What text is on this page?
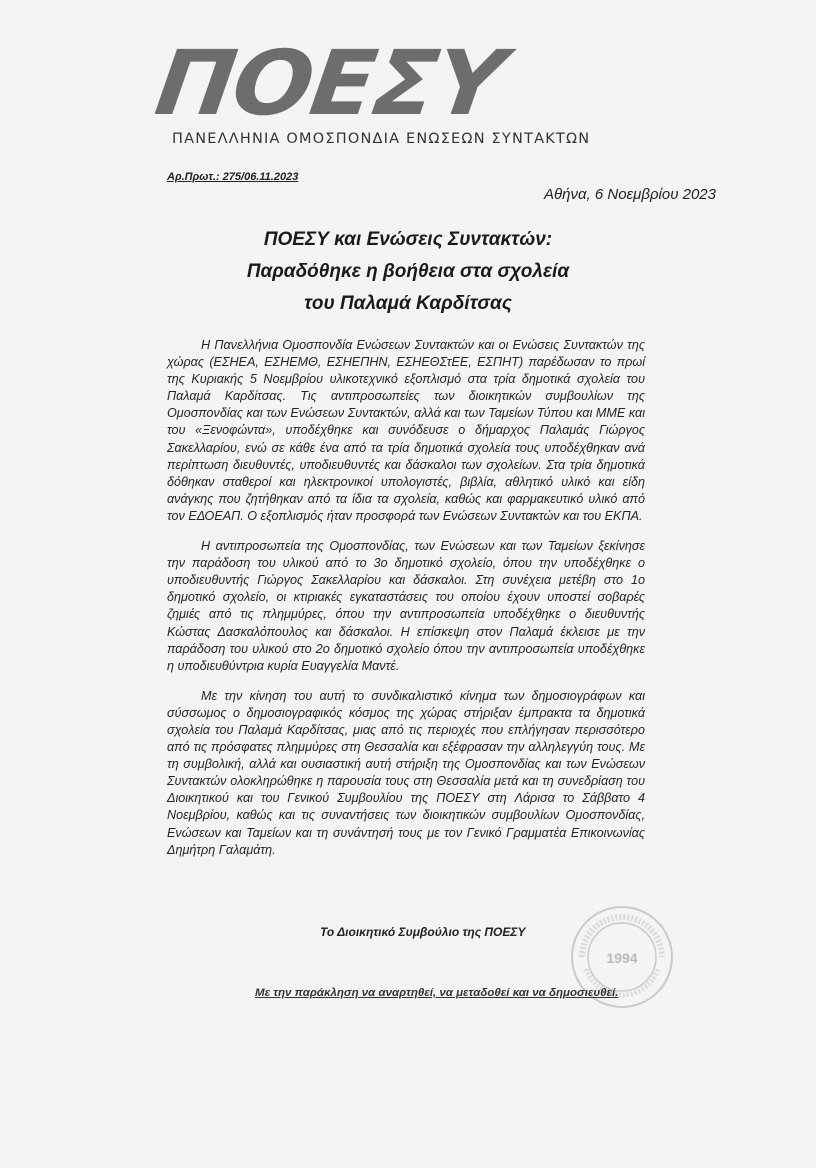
ΠΟΕΣΥ
ΠΑΝΕΛΛΗΝΙΑ ΟΜΟΣΠΟΝΔΙΑ ΕΝΩΣΕΩΝ ΣΥΝΤΑΚΤΩΝ
Αρ.Πρωτ.: 275/06.11.2023
Αθήνα, 6 Νοεμβρίου 2023
ΠΟΕΣΥ και Ενώσεις Συντακτών:
Παραδόθηκε η βοήθεια στα σχολεία
του Παλαμά Καρδίτσας

Η Πανελλήνια Ομοσπονδία Ενώσεων Συντακτών και οι Ενώσεις Συντακτών της χώρας (ΕΣΗΕΑ, ΕΣΗΕΜΘ, ΕΣΗΕΠΗΝ, ΕΣΗΕΘΣτΕΕ, ΕΣΠΗΤ) παρέδωσαν το πρωί της Κυριακής 5 Νοεμβρίου υλικοτεχνικό εξοπλισμό στα τρία δημοτικά σχολεία του Παλαμά Καρδίτσας. Τις αντιπροσωπείες των διοικητικών συμβουλίων της Ομοσπονδίας και των Ενώσεων Συντακτών, αλλά και των Ταμείων Τύπου και ΜΜΕ και του «Ξενοφώντα», υποδέχθηκε και συνόδευσε ο δήμαρχος Παλαμάς Γιώργος Σακελλαρίου, ενώ σε κάθε ένα από τα τρία δημοτικά σχολεία τους υποδέχθηκαν ανά περίπτωση διευθυντές, υποδιευθυντές και δάσκαλοι των σχολείων. Στα τρία δημοτικά δόθηκαν σταθεροί και ηλεκτρονικοί υπολογιστές, βιβλία, αθλητικό υλικό και είδη ανάγκης που ζητήθηκαν από τα ίδια τα σχολεία, καθώς και φαρμακευτικό υλικό από τον ΕΔΟΕΑΠ. Ο εξοπλισμός ήταν προσφορά των Ενώσεων Συντακτών και του ΕΚΠΑ.

Η αντιπροσωπεία της Ομοσπονδίας, των Ενώσεων και των Ταμείων ξεκίνησε την παράδοση του υλικού από το 3ο δημοτικό σχολείο, όπου την υποδέχθηκε ο υποδιευθυντής Γιώργος Σακελλαρίου και δάσκαλοι. Στη συνέχεια μετέβη στο 1ο δημοτικό σχολείο, οι κτιριακές εγκαταστάσεις του οποίου έχουν υποστεί σοβαρές ζημιές από τις πλημμύρες, όπου την αντιπροσωπεία υποδέχθηκε ο διευθυντής Κώστας Δασκαλόπουλος και δάσκαλοι. Η επίσκεψη στον Παλαμά έκλεισε με την παράδοση του υλικού στο 2ο δημοτικό σχολείο όπου την αντιπροσωπεία υποδέχθηκε η υποδιευθύντρια κυρία Ευαγγελία Μαντέ.

Με την κίνηση του αυτή το συνδικαλιστικό κίνημα των δημοσιογράφων και σύσσωμος ο δημοσιογραφικός κόσμος της χώρας στήριξαν έμπρακτα τα δημοτικά σχολεία του Παλαμά Καρδίτσας, μιας από τις περιοχές που επλήγησαν περισσότερο από τις πρόσφατες πλημμύρες στη Θεσσαλία και εξέφρασαν την αλληλεγγύη τους. Με τη συμβολική, αλλά και ουσιαστική αυτή στήριξη της Ομοσπονδίας και των Ενώσεων Συντακτών ολοκληρώθηκε η παρουσία τους στη Θεσσαλία μετά και τη συνεδρίαση του Διοικητικού και του Γενικού Συμβουλίου της ΠΟΕΣΥ στη Λάρισα το Σάββατο 4 Νοεμβρίου, καθώς και τις συναντήσεις των διοικητικών συμβουλίων Ομοσπονδίας, Ενώσεων και Ταμείων και τη συνάντησή τους με τον Γενικό Γραμματέα Επικοινωνίας Δημήτρη Γαλαμάτη.

Το Διοικητικό Συμβούλιο της ΠΟΕΣΥ
1994
Με την παράκληση να αναρτηθεί, να μεταδοθεί και να δημοσιευθεί.
